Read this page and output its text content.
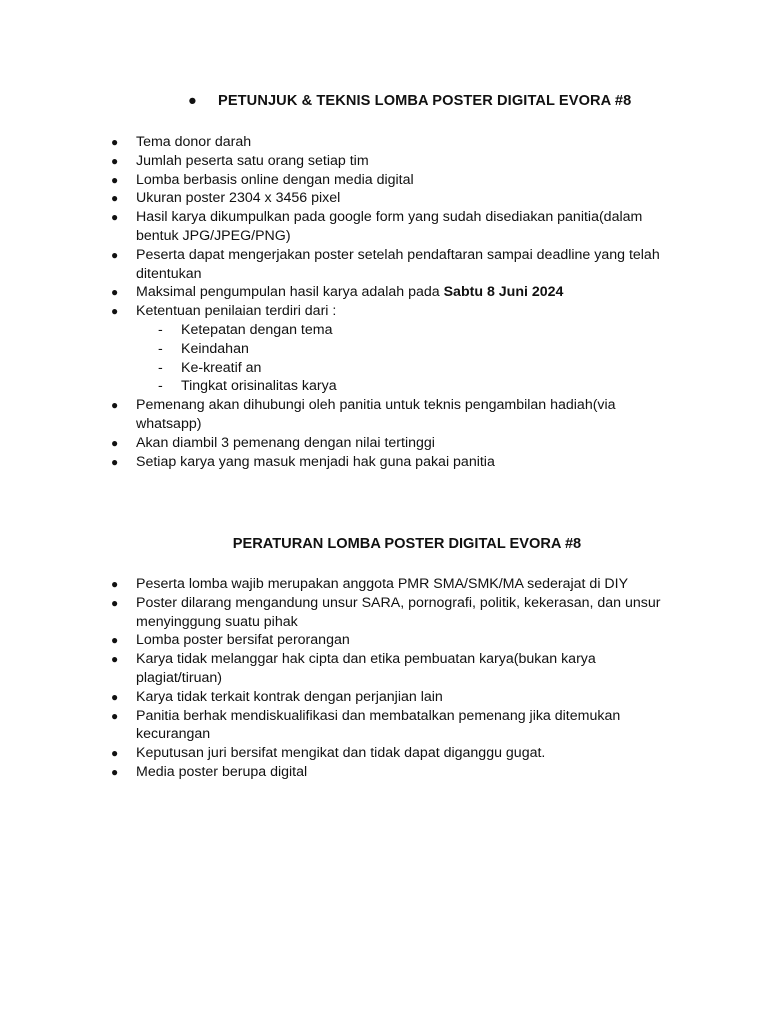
● PETUNJUK & TEKNIS LOMBA POSTER DIGITAL EVORA #8
● Tema donor darah
● Jumlah peserta satu orang setiap tim
● Lomba berbasis online dengan media digital
● Ukuran poster 2304 x 3456 pixel
● Hasil karya dikumpulkan pada google form yang sudah disediakan panitia(dalam bentuk JPG/JPEG/PNG)
● Peserta dapat mengerjakan poster setelah pendaftaran sampai deadline yang telah ditentukan
● Maksimal pengumpulan hasil karya adalah pada Sabtu 8 Juni 2024
● Ketentuan penilaian terdiri dari :
- Ketepatan dengan tema
- Keindahan
- Ke-kreatif an
- Tingkat orisinalitas karya
● Pemenang akan dihubungi oleh panitia untuk teknis pengambilan hadiah(via whatsapp)
● Akan diambil 3 pemenang dengan nilai tertinggi
● Setiap karya yang masuk menjadi hak guna pakai panitia
PERATURAN LOMBA POSTER DIGITAL EVORA #8
● Peserta lomba wajib merupakan anggota PMR SMA/SMK/MA sederajat di DIY
● Poster dilarang mengandung unsur SARA, pornografi, politik, kekerasan, dan unsur menyinggung suatu pihak
● Lomba poster bersifat perorangan
● Karya tidak melanggar hak cipta dan etika pembuatan karya(bukan karya plagiat/tiruan)
● Karya tidak terkait kontrak dengan perjanjian lain
● Panitia berhak mendiskualifikasi dan membatalkan pemenang jika ditemukan kecurangan
● Keputusan juri bersifat mengikat dan tidak dapat diganggu gugat.
● Media poster berupa digital
